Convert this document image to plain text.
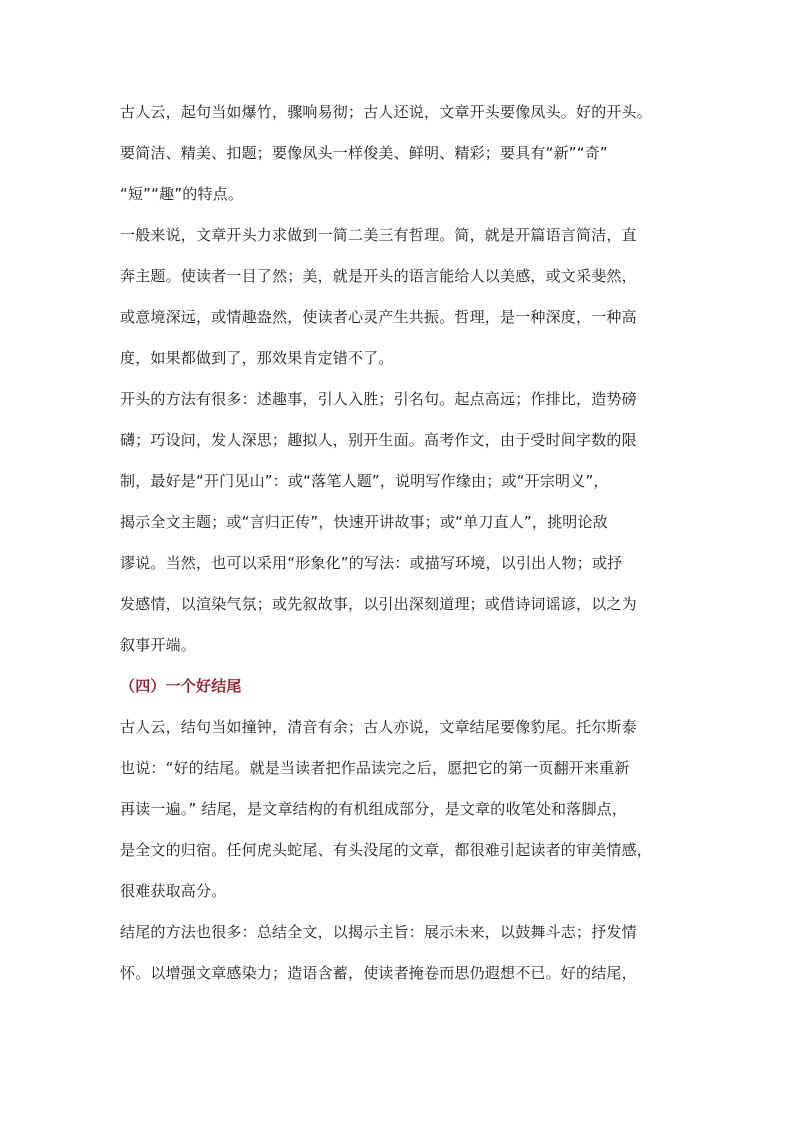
古人云，起句当如爆竹，骤响易彻；古人还说，文章开头要像凤头。好的开头。
要简洁、精美、扣题；要像凤头一样俊美、鲜明、精彩；要具有“新”“奇”
“短”“趣”的特点。
一般来说，文章开头力求做到一简二美三有哲理。简，就是开篇语言简洁，直
奔主题。使读者一目了然；美，就是开头的语言能给人以美感，或文采斐然，
或意境深远，或情趣盎然，使读者心灵产生共振。哲理，是一种深度，一种高
度，如果都做到了，那效果肯定错不了。
开头的方法有很多：述趣事，引人入胜；引名句。起点高远；作排比，造势磅
礴；巧设问，发人深思；趣拟人，别开生面。高考作文，由于受时间字数的限
制，最好是“开门见山”：或“落笔人题”，说明写作缘由；或“开宗明义”，
揭示全文主题；或“言归正传”，快速开讲故事；或“单刀直人”，挑明论敌
谬说。当然，也可以采用“形象化”的写法：或描写环境，以引出人物；或抒
发感情，以渲染气氛；或先叙故事，以引出深刻道理；或借诗词谣谚，以之为
叙事开端。
（四）一个好结尾
古人云，结句当如撞钟，清音有余；古人亦说，文章结尾要像豹尾。托尔斯泰
也说：“好的结尾。就是当读者把作品读完之后，愿把它的第一页翻开来重新
再读一遍。” 结尾，是文章结构的有机组成部分，是文章的收笔处和落脚点，
是全文的归宿。任何虎头蛇尾、有头没尾的文章，都很难引起读者的审美情感，
很难获取高分。
结尾的方法也很多：总结全文，以揭示主旨：展示未来，以鼓舞斗志；抒发情
怀。以增强文章感染力；造语含蓄，使读者掩卷而思仍遐想不已。好的结尾，
